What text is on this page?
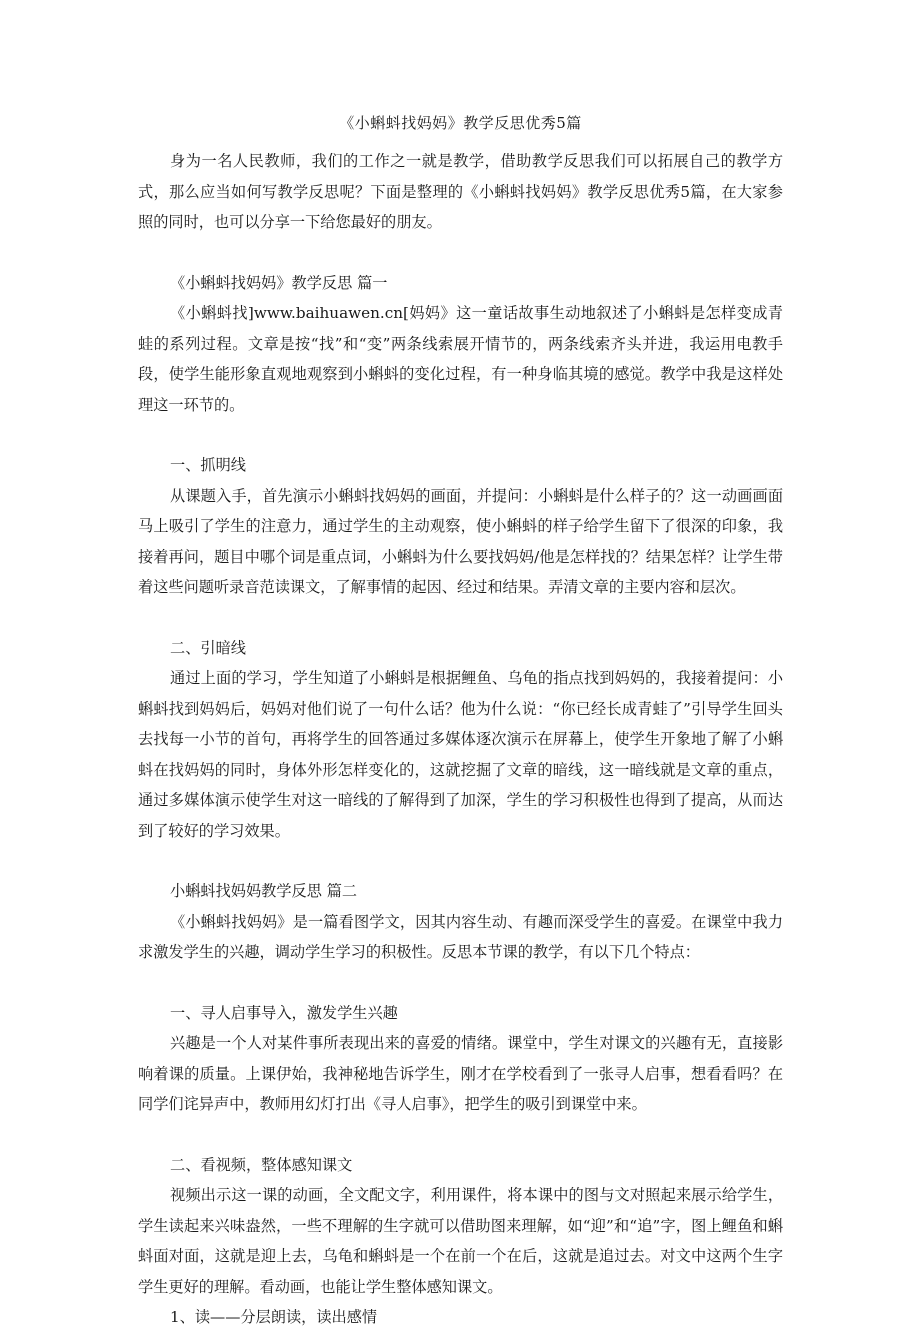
《小蝌蚪找妈妈》教学反思优秀5篇

身为一名人民教师，我们的工作之一就是教学，借助教学反思我们可以拓展自己的教学方式，那么应当如何写教学反思呢？下面是整理的《小蝌蚪找妈妈》教学反思优秀5篇，在大家参照的同时，也可以分享一下给您最好的朋友。

《小蝌蚪找妈妈》教学反思 篇一

《小蝌蚪找]www.baihuawen.cn[妈妈》这一童话故事生动地叙述了小蝌蚪是怎样变成青蛙的系列过程。文章是按“找”和“变”两条线索展开情节的，两条线索齐头并进，我运用电教手段，使学生能形象直观地观察到小蝌蚪的变化过程，有一种身临其境的感觉。教学中我是这样处理这一环节的。

一、抓明线

从课题入手，首先演示小蝌蚪找妈妈的画面，并提问：小蝌蚪是什么样子的？这一动画画面马上吸引了学生的注意力，通过学生的主动观察，使小蝌蚪的样子给学生留下了很深的印象，我接着再问，题目中哪个词是重点词，小蝌蚪为什么要找妈妈/他是怎样找的？结果怎样？让学生带着这些问题听录音范读课文，了解事情的起因、经过和结果。弄清文章的主要内容和层次。

二、引暗线

通过上面的学习，学生知道了小蝌蚪是根据鲤鱼、乌龟的指点找到妈妈的，我接着提问：小蝌蚪找到妈妈后，妈妈对他们说了一句什么话？他为什么说：“你已经长成青蛙了”引导学生回头去找每一小节的首句，再将学生的回答通过多媒体逐次演示在屏幕上，使学生开象地了解了小蝌蚪在找妈妈的同时，身体外形怎样变化的，这就挖掘了文章的暗线，这一暗线就是文章的重点，通过多媒体演示使学生对这一暗线的了解得到了加深，学生的学习积极性也得到了提高，从而达到了较好的学习效果。

小蝌蚪找妈妈教学反思 篇二

《小蝌蚪找妈妈》是一篇看图学文，因其内容生动、有趣而深受学生的喜爱。在课堂中我力求激发学生的兴趣，调动学生学习的积极性。反思本节课的教学，有以下几个特点：

一、寻人启事导入，激发学生兴趣

兴趣是一个人对某件事所表现出来的喜爱的情绪。课堂中，学生对课文的兴趣有无，直接影响着课的质量。上课伊始，我神秘地告诉学生，刚才在学校看到了一张寻人启事，想看看吗？在同学们诧异声中，教师用幻灯打出《寻人启事》，把学生的吸引到课堂中来。

二、看视频，整体感知课文

视频出示这一课的动画，全文配文字，利用课件，将本课中的图与文对照起来展示给学生，学生读起来兴味盎然，一些不理解的生字就可以借助图来理解，如“迎”和“追”字，图上鲤鱼和蝌蚪面对面，这就是迎上去，乌龟和蝌蚪是一个在前一个在后，这就是追过去。对文中这两个生字学生更好的理解。看动画，也能让学生整体感知课文。

1、读——分层朗读，读出感情
